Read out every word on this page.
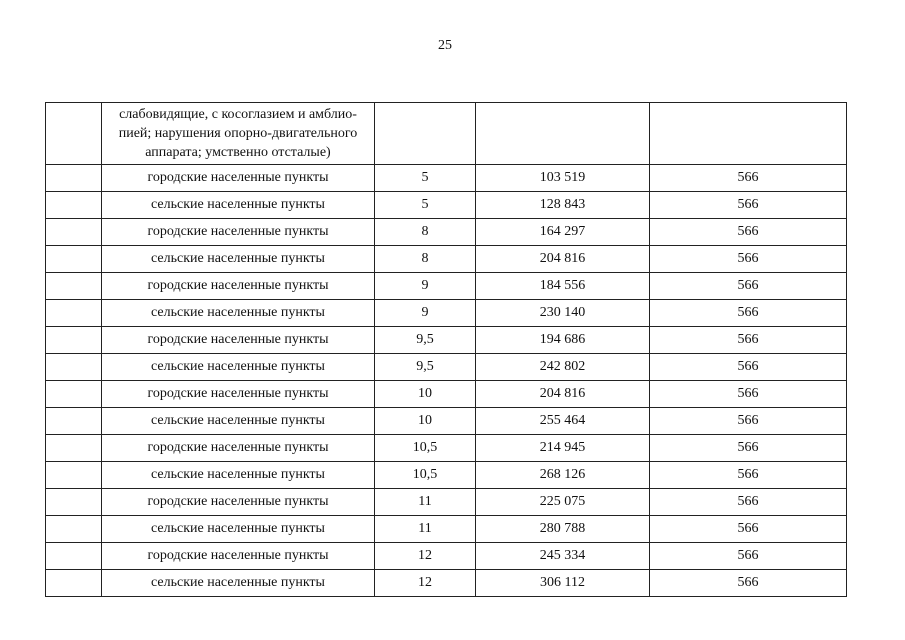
25
	слабовидящие, с косоглазием и амблио-пией; нарушения опорно-двигательного аппарата; умственно отсталые)			
	городские населенные пункты	5	103 519	566
	сельские населенные пункты	5	128 843	566
	городские населенные пункты	8	164 297	566
	сельские населенные пункты	8	204 816	566
	городские населенные пункты	9	184 556	566
	сельские населенные пункты	9	230 140	566
	городские населенные пункты	9,5	194 686	566
	сельские населенные пункты	9,5	242 802	566
	городские населенные пункты	10	204 816	566
	сельские населенные пункты	10	255 464	566
	городские населенные пункты	10,5	214 945	566
	сельские населенные пункты	10,5	268 126	566
	городские населенные пункты	11	225 075	566
	сельские населенные пункты	11	280 788	566
	городские населенные пункты	12	245 334	566
	сельские населенные пункты	12	306 112	566
